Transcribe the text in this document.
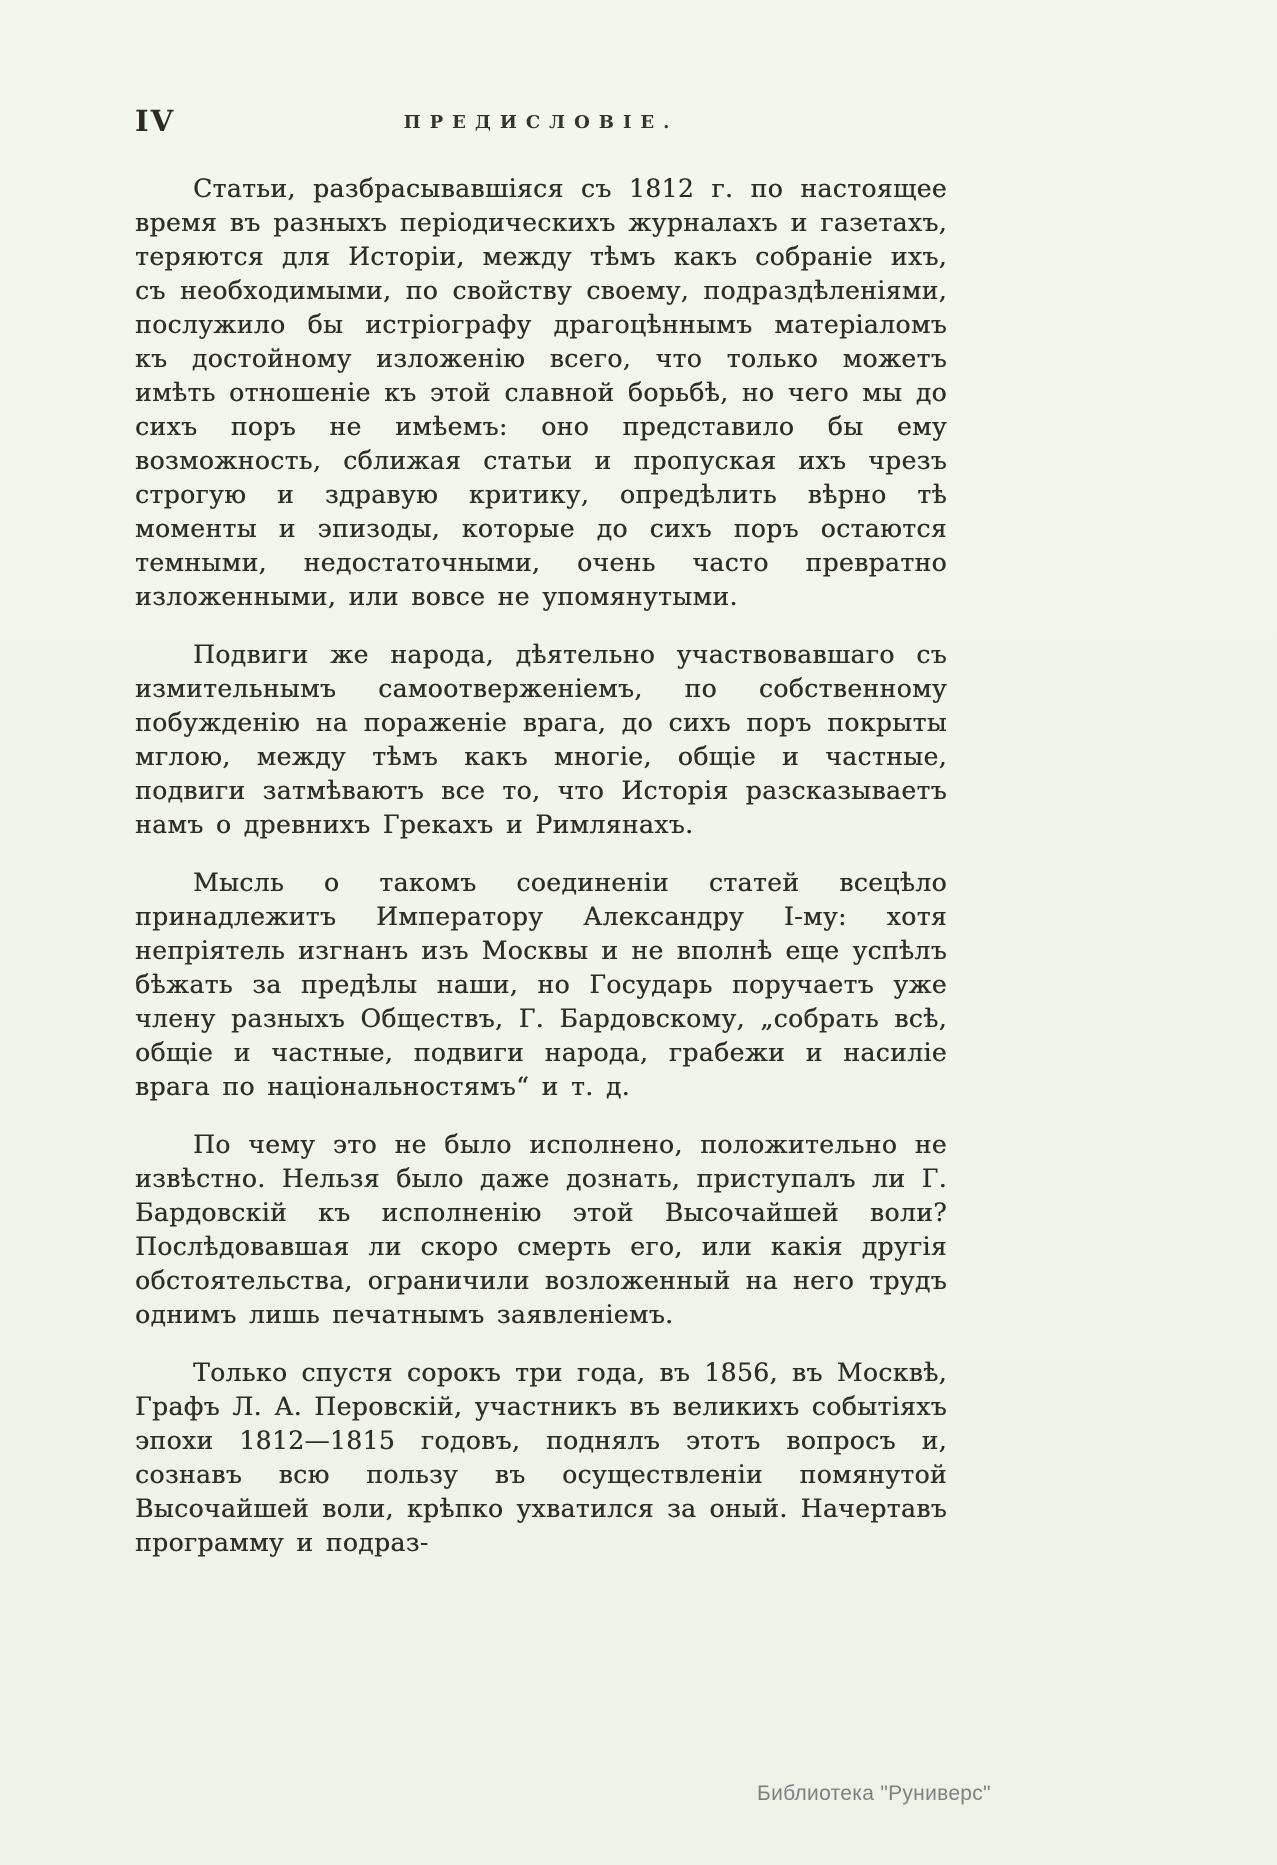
IV	ПРЕДИСЛОВІЕ.

Статьи, разбрасывавшіяся съ 1812 г. по настоящее время въ разныхъ періодическихъ журналахъ и газетахъ, теряются для Исторіи, между тѣмъ какъ собраніе ихъ, съ необходимыми, по свойству своему, подраздѣленіями, послужило бы истріографу драгоцѣннымъ матеріаломъ къ достойному изложенію всего, что только можетъ имѣть отношеніе къ этой славной борьбѣ, но чего мы до сихъ поръ не имѣемъ: оно представило бы ему возможность, сближая статьи и пропуская ихъ чрезъ строгую и здравую критику, опредѣлить вѣрно тѣ моменты и эпизоды, которые до сихъ поръ остаются темными, недостаточными, очень часто превратно изложенными, или вовсе не упомянутыми.

Подвиги же народа, дѣятельно участвовавшаго съ измительнымъ самоотверженіемъ, по собственному побужденію на пораженіе врага, до сихъ поръ покрыты мглою, между тѣмъ какъ многіе, общіе и частные, подвиги затмѣваютъ все то, что Исторія разсказываетъ намъ о древнихъ Грекахъ и Римлянахъ.

Мысль о такомъ соединеніи статей всецѣло принадлежитъ Императору Александру I-му: хотя непріятель изгнанъ изъ Москвы и не вполнѣ еще успѣлъ бѣжать за предѣлы наши, но Государь поручаетъ уже члену разныхъ Обществъ, Г. Бардовскому, „собрать всѣ, общіе и частные, подвиги народа, грабежи и насиліе врага по національностямъ“ и т. д.

По чему это не было исполнено, положительно не извѣстно. Нельзя было даже дознать, приступалъ ли Г. Бардовскій къ исполненію этой Высочайшей воли? Послѣдовавшая ли скоро смерть его, или какія другія обстоятельства, ограничили возложенный на него трудъ однимъ лишь печатнымъ заявленіемъ.

Только спустя сорокъ три года, въ 1856, въ Москвѣ, Графъ Л. А. Перовскій, участникъ въ великихъ событіяхъ эпохи 1812—1815 годовъ, поднялъ этотъ вопросъ и, сознавъ всю пользу въ осуществленіи помянутой Высочайшей воли, крѣпко ухватился за оный. Начертавъ программу и подраз-

Библиотека "Руниверс"
